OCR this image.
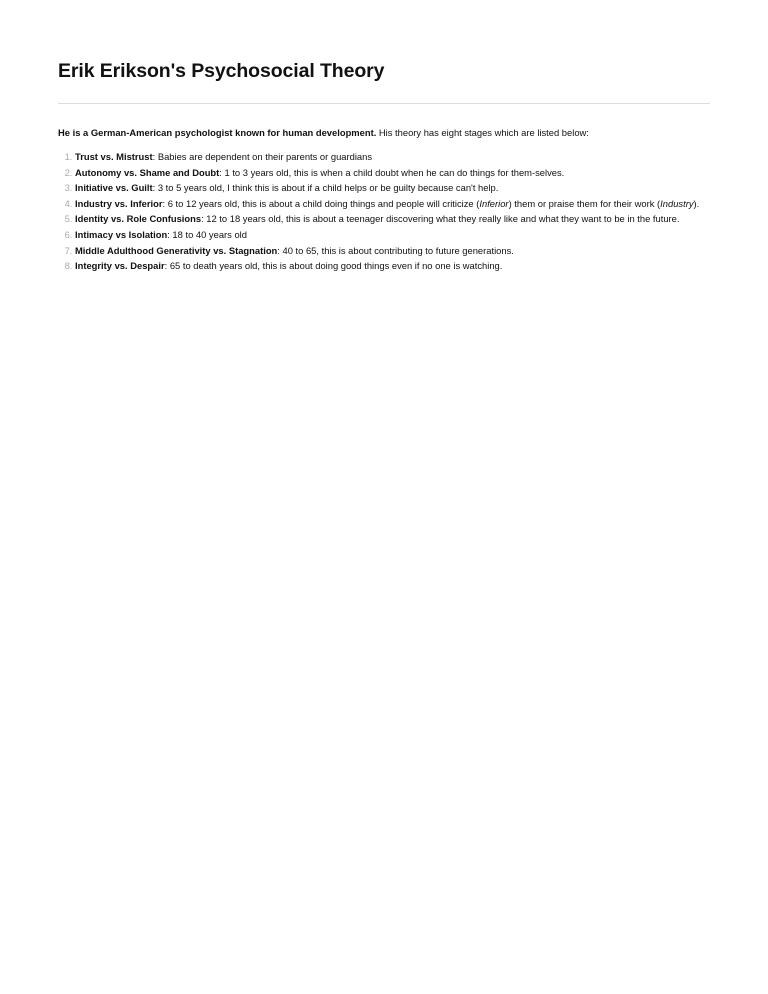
Erik Erikson's Psychosocial Theory

He is a German-American psychologist known for human development. His theory has eight stages which are listed below:

1. Trust vs. Mistrust: Babies are dependent on their parents or guardians
2. Autonomy vs. Shame and Doubt: 1 to 3 years old, this is when a child doubt when he can do things for them-selves.
3. Initiative vs. Guilt: 3 to 5 years old, I think this is about if a child helps or be guilty because can't help.
4. Industry vs. Inferior: 6 to 12 years old, this is about a child doing things and people will criticize (Inferior) them or praise them for their work (Industry).
5. Identity vs. Role Confusions: 12 to 18 years old, this is about a teenager discovering what they really like and what they want to be in the future.
6. Intimacy vs Isolation: 18 to 40 years old
7. Middle Adulthood Generativity vs. Stagnation: 40 to 65, this is about contributing to future generations.
8. Integrity vs. Despair: 65 to death years old, this is about doing good things even if no one is watching.
